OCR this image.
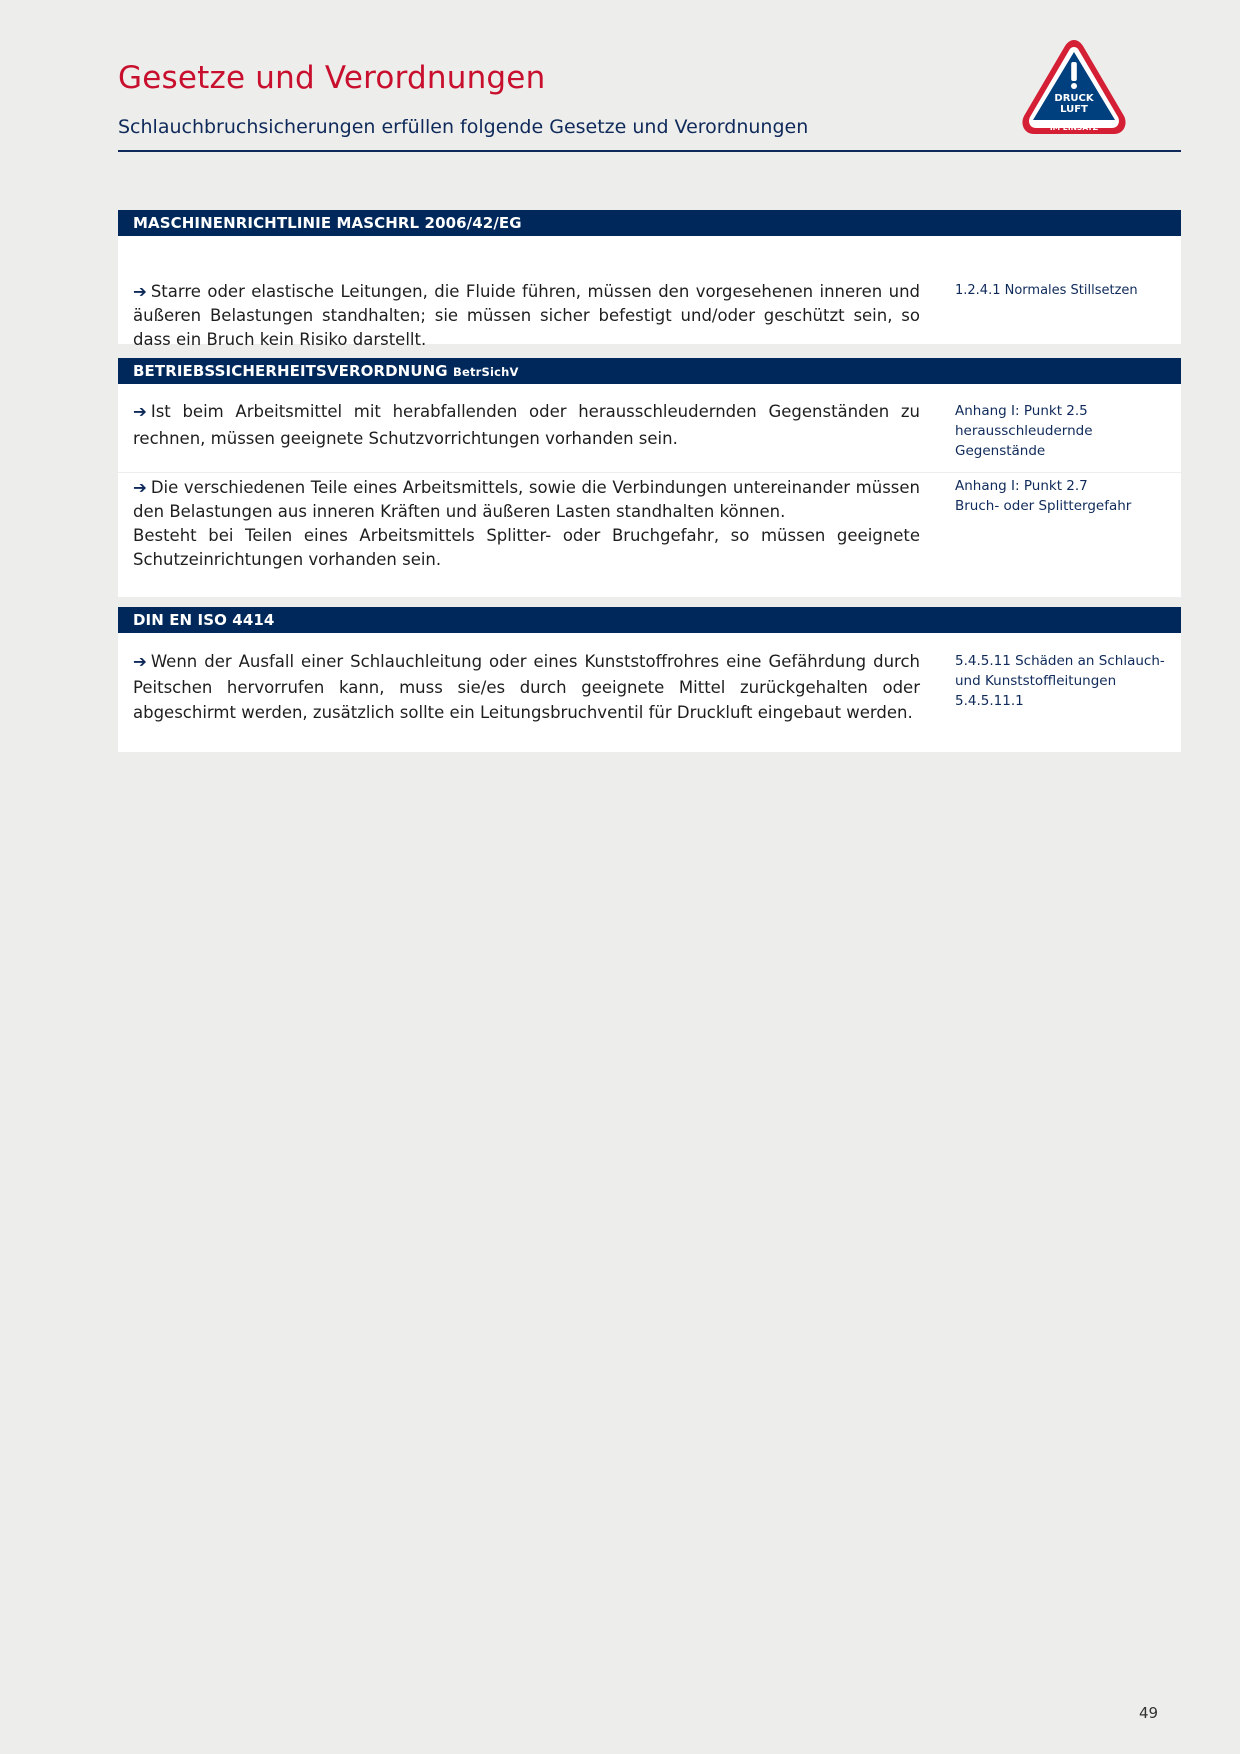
Gesetze und Verordnungen
Schlauchbruchsicherungen erfüllen folgende Gesetze und Verordnungen
DRUCK
LUFT
IM EINSATZ
MASCHINENRICHTLINIE MASCHRL 2006/42/EG

➔ Starre oder elastische Leitungen, die Fluide führen, müssen den vorgesehenen inneren und äußeren Belastungen standhalten; sie müssen sicher befestigt und/oder geschützt sein, so dass ein Bruch kein Risiko darstellt.

1.2.4.1 Normales Stillsetzen
BETRIEBSSICHERHEITSVERORDNUNG BetrSichV

➔ Ist beim Arbeitsmittel mit herabfallenden oder herausschleudernden Gegenständen zu rechnen, müssen geeignete Schutzvorrichtungen vorhanden sein.

Anhang I: Punkt 2.5
herausschleudernde
Gegenstände

➔ Die verschiedenen Teile eines Arbeitsmittels, sowie die Verbindungen untereinander müssen den Belastungen aus inneren Kräften und äußeren Lasten standhalten können.

Besteht bei Teilen eines Arbeitsmittels Splitter- oder Bruchgefahr, so müssen geeignete Schutzeinrichtungen vorhanden sein.

Anhang I: Punkt 2.7
Bruch- oder Splittergefahr
DIN EN ISO 4414

➔ Wenn der Ausfall einer Schlauchleitung oder eines Kunststoffrohres eine Gefährdung durch Peitschen hervorrufen kann, muss sie/es durch geeignete Mittel zurückgehalten oder abgeschirmt werden, zusätzlich sollte ein Leitungsbruchventil für Druckluft eingebaut werden.

5.4.5.11 Schäden an Schlauch-
und Kunststoffleitungen
5.4.5.11.1
49
